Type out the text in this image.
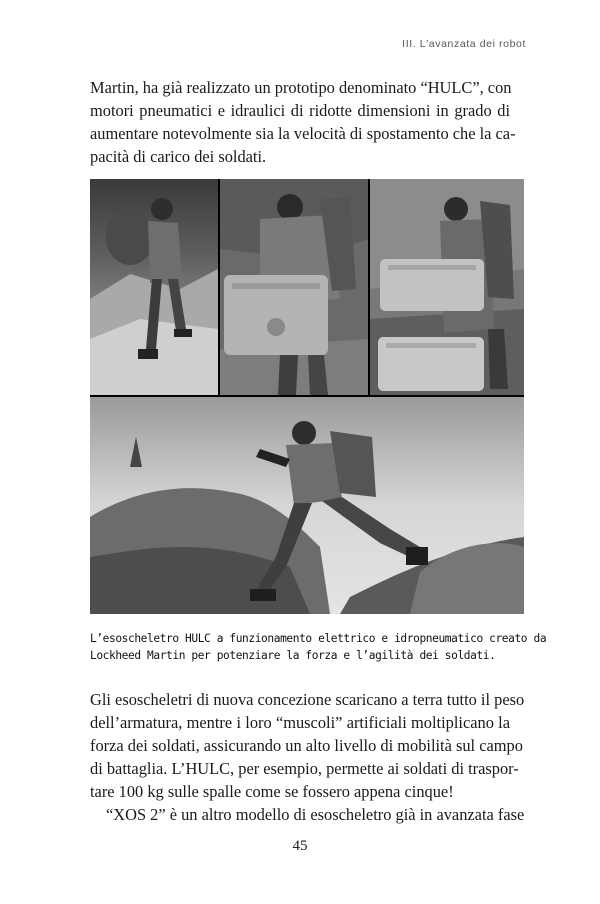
III. L'avanzata dei robot

Martin, ha già realizzato un prototipo denominato “HULC”, con
motori pneumatici e idraulici di ridotte dimensioni in grado di
aumentare notevolmente sia la velocità di spostamento che la ca-
pacità di carico dei soldati.

L’esoscheletro HULC a funzionamento elettrico e idropneumatico creato da
Lockheed Martin per potenziare la forza e l’agilità dei soldati.

Gli esoscheletri di nuova concezione scaricano a terra tutto il peso
dell’armatura, mentre i loro “muscoli” artificiali moltiplicano la
forza dei soldati, assicurando un alto livello di mobilità sul campo
di battaglia. L’HULC, per esempio, permette ai soldati di traspor-
tare 100 kg sulle spalle come se fossero appena cinque!
“XOS 2” è un altro modello di esoscheletro già in avanzata fase

45
